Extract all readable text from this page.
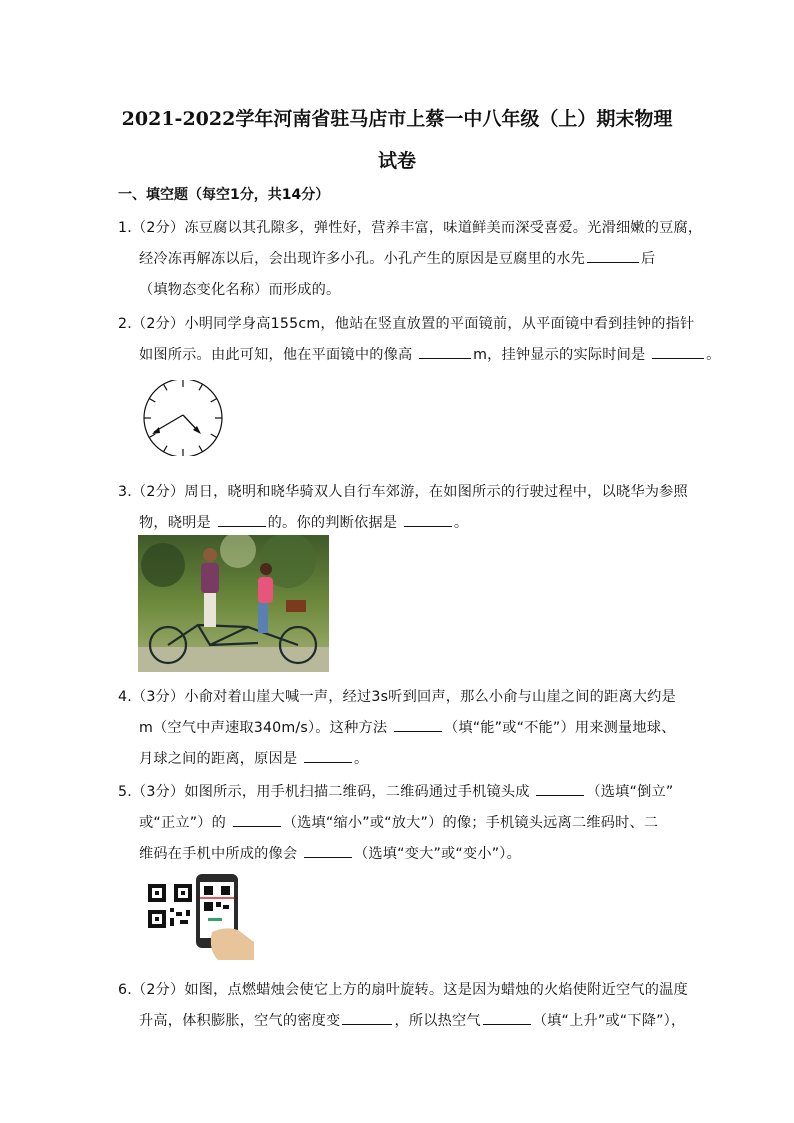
2021-2022学年河南省驻马店市上蔡一中八年级（上）期末物理
试卷
一、填空题（每空1分，共14分）
1.（2分）冻豆腐以其孔隙多，弹性好，营养丰富，味道鲜美而深受喜爱。光滑细嫩的豆腐，
经冷冻再解冻以后，会出现许多小孔。小孔产生的原因是豆腐里的水先	后
（填物态变化名称）而形成的。
2.（2分）小明同学身高155cm，他站在竖直放置的平面镜前，从平面镜中看到挂钟的指针
如图所示。由此可知，他在平面镜中的像高	m，挂钟显示的实际时间是	。
3.（2分）周日，晓明和晓华骑双人自行车郊游，在如图所示的行驶过程中，以晓华为参照
物，晓明是	的。你的判断依据是	。
4.（3分）小俞对着山崖大喊一声，经过3s听到回声，那么小俞与山崖之间的距离大约是
m（空气中声速取340m/s）。这种方法	（填“能”或“不能”）用来测量地球、
月球之间的距离，原因是	。
5.（3分）如图所示，用手机扫描二维码，二维码通过手机镜头成	（选填“倒立”
或“正立”）的	（选填“缩小”或“放大”）的像；手机镜头远离二维码时、二
维码在手机中所成的像会	（选填“变大”或“变小”）。
6.（2分）如图，点燃蜡烛会使它上方的扇叶旋转。这是因为蜡烛的火焰使附近空气的温度
升高，体积膨胀，空气的密度变	，所以热空气	（填“上升”或“下降”），
